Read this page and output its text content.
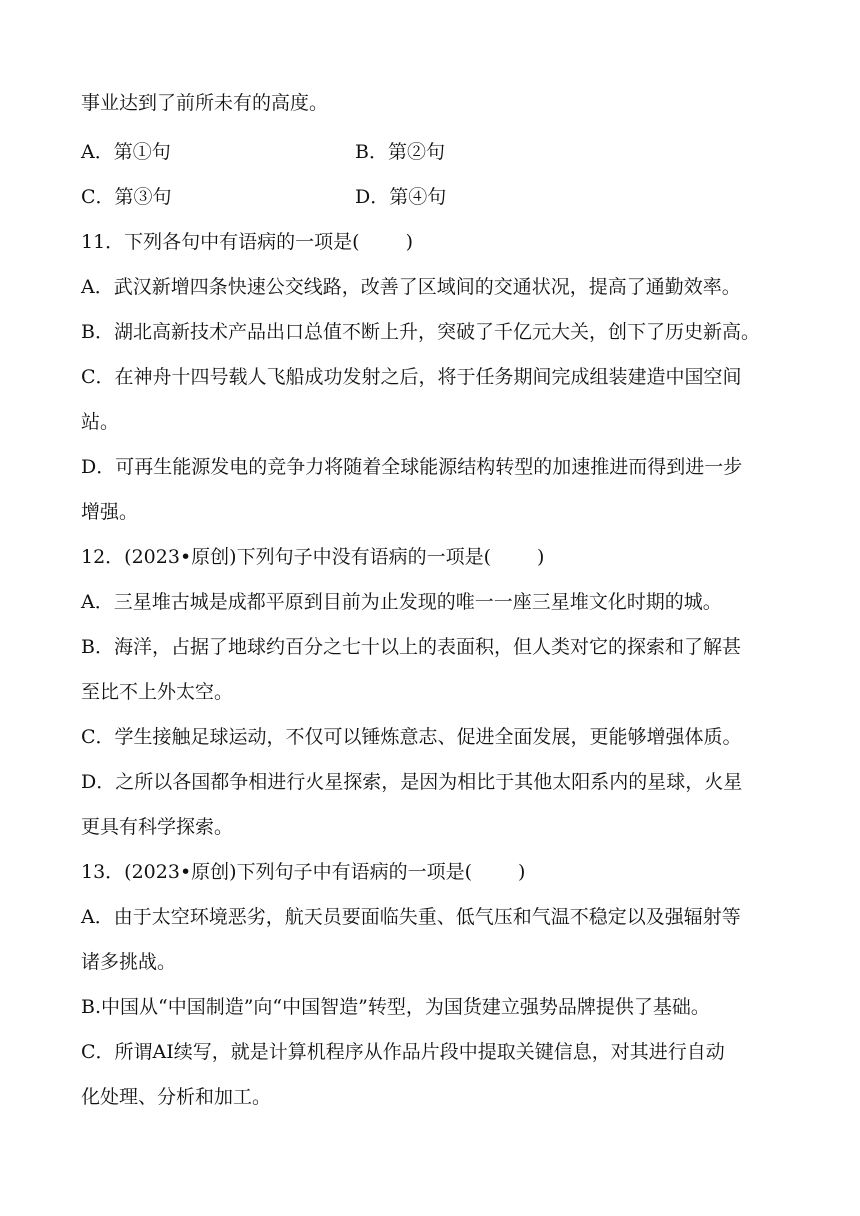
事业达到了前所未有的高度。
A．第①句	B．第②句
C．第③句	D．第④句
11．下列各句中有语病的一项是( )
A．武汉新增四条快速公交线路，改善了区域间的交通状况，提高了通勤效率。
B．湖北高新技术产品出口总值不断上升，突破了千亿元大关，创下了历史新高。
C．在神舟十四号载人飞船成功发射之后，将于任务期间完成组装建造中国空间
站。
D．可再生能源发电的竞争力将随着全球能源结构转型的加速推进而得到进一步
增强。
12．(2023•原创)下列句子中没有语病的一项是( )
A．三星堆古城是成都平原到目前为止发现的唯一一座三星堆文化时期的城。
B．海洋，占据了地球约百分之七十以上的表面积，但人类对它的探索和了解甚
至比不上外太空。
C．学生接触足球运动，不仅可以锤炼意志、促进全面发展，更能够增强体质。
D．之所以各国都争相进行火星探索，是因为相比于其他太阳系内的星球，火星
更具有科学探索。
13．(2023•原创)下列句子中有语病的一项是( )
A．由于太空环境恶劣，航天员要面临失重、低气压和气温不稳定以及强辐射等
诸多挑战。
B.中国从“中国制造”向“中国智造”转型，为国货建立强势品牌提供了基础。
C．所谓AI续写，就是计算机程序从作品片段中提取关键信息，对其进行自动
化处理、分析和加工。
